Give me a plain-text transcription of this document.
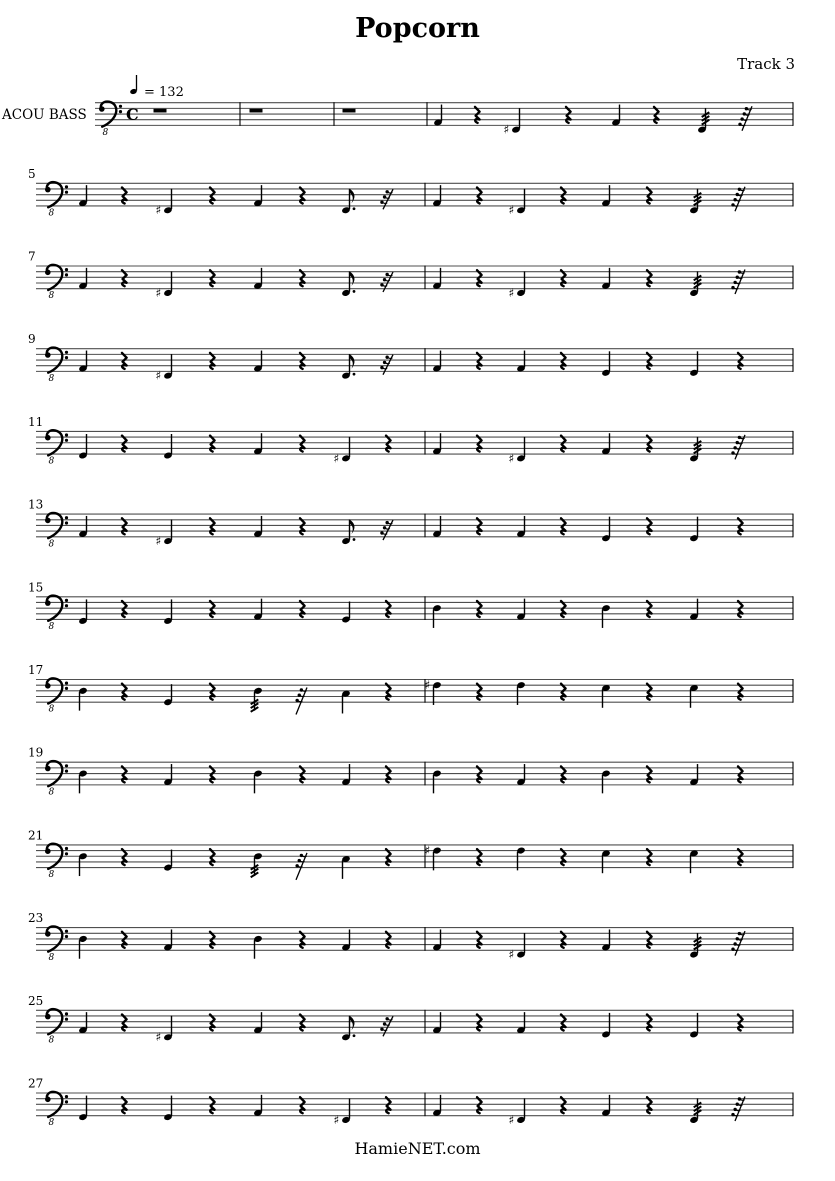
Popcorn
Track 3
8
C
♯
8
5
♯	♯
8
7
♯	♯
8
9
♯
8
11
♯	♯
8
13
♯
8
15
8
17
♯
8
19
8
21
♯
8
23
♯
8
25
♯
8
27
♯	♯
ACOU BASS
= 132
HamieNET.com
